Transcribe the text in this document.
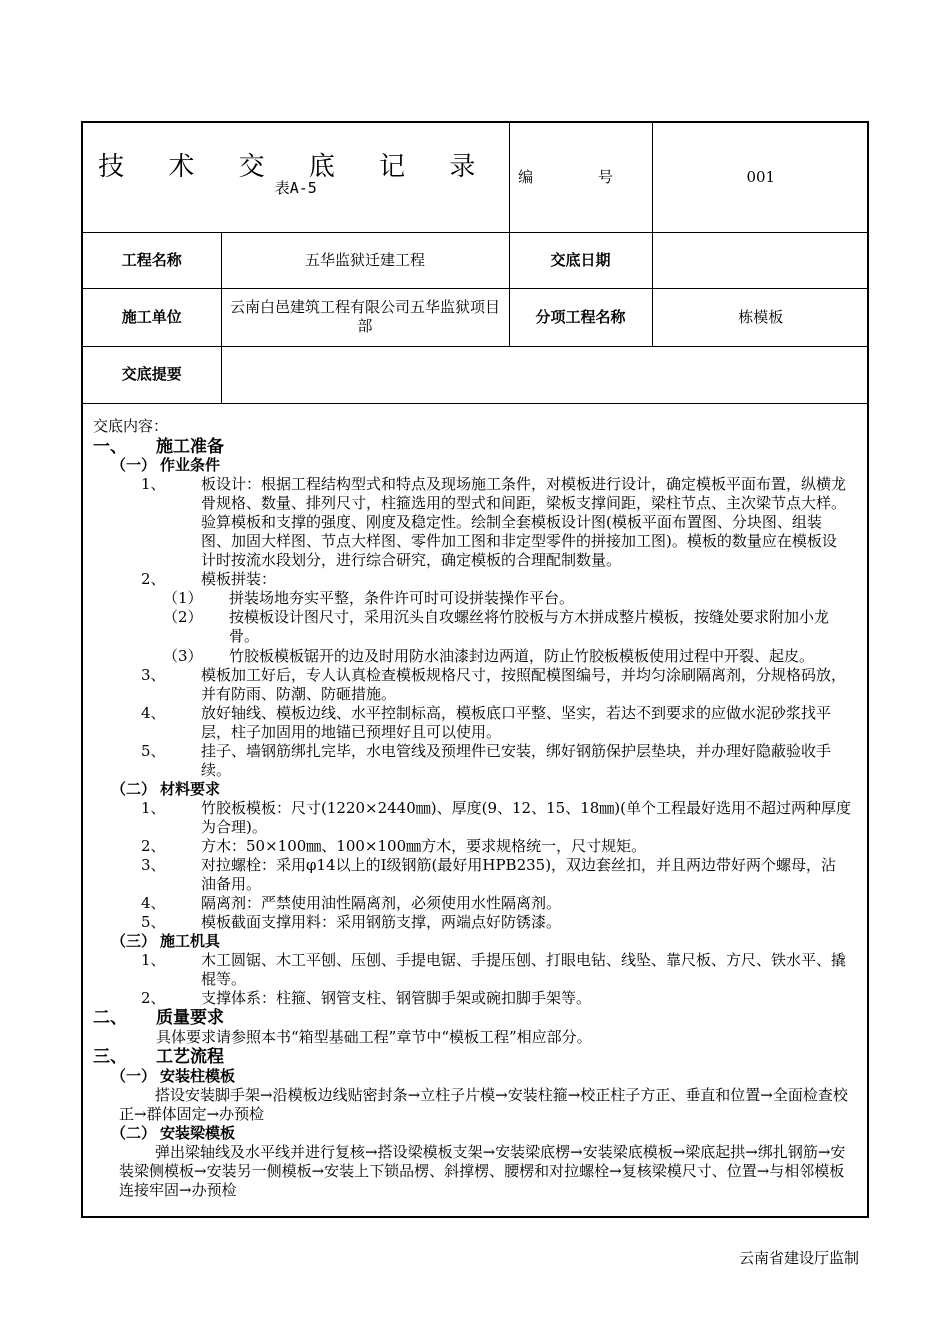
技 术 交 底 记 录
表A-5		编 号	001
工程名称	五华监狱迁建工程	交底日期	
施工单位	云南白邑建筑工程有限公司五华监狱项目部	分项工程名称	栋模板
交底提要			
交底内容：
一、 施工准备
（一） 作业条件
1、 板设计：根据工程结构型式和特点及现场施工条件，对模板进行设计，确定模板平面布置，纵横龙骨规格、数量、排列尺寸，柱箍选用的型式和间距，梁板支撑间距，梁柱节点、主次梁节点大样。验算模板和支撑的强度、刚度及稳定性。绘制全套模板设计图(模板平面布置图、分块图、组装图、加固大样图、节点大样图、零件加工图和非定型零件的拼接加工图)。模板的数量应在模板设计时按流水段划分，进行综合研究，确定模板的合理配制数量。
2、 模板拼装：
（1） 拼装场地夯实平整，条件许可时可设拼装操作平台。
（2） 按模板设计图尺寸，采用沉头自攻螺丝将竹胶板与方木拼成整片模板，按缝处要求附加小龙骨。
（3） 竹胶板模板锯开的边及时用防水油漆封边两道，防止竹胶板模板使用过程中开裂、起皮。
3、 模板加工好后，专人认真检查模板规格尺寸，按照配模图编号，并均匀涂刷隔离剂，分规格码放，并有防雨、防潮、防砸措施。
4、 放好轴线、模板边线、水平控制标高，模板底口平整、坚实，若达不到要求的应做水泥砂浆找平层，柱子加固用的地锚已预埋好且可以使用。
5、 挂子、墙钢筋绑扎完毕，水电管线及预埋件已安装，绑好钢筋保护层垫块，并办理好隐蔽验收手续。
（二） 材料要求
1、 竹胶板模板：尺寸(1220×2440㎜)、厚度(9、12、15、18㎜)(单个工程最好选用不超过两种厚度为合理)。
2、 方木：50×100㎜、100×100㎜方木，要求规格统一，尺寸规矩。
3、 对拉螺栓：采用φ14以上的Ⅰ级钢筋(最好用HPB235)，双边套丝扣，并且两边带好两个螺母，沾油备用。
4、 隔离剂：严禁使用油性隔离剂，必须使用水性隔离剂。
5、 模板截面支撑用料：采用钢筋支撑，两端点好防锈漆。
（三） 施工机具
1、 木工圆锯、木工平刨、压刨、手提电锯、手提压刨、打眼电钻、线坠、靠尺板、方尺、铁水平、撬棍等。
2、 支撑体系：柱箍、钢管支柱、钢管脚手架或碗扣脚手架等。
二、 质量要求
具体要求请参照本书“箱型基础工程”章节中“模板工程”相应部分。
三、 工艺流程
（一） 安装柱模板
搭设安装脚手架→沿模板边线贴密封条→立柱子片模→安装柱箍→校正柱子方正、垂直和位置→全面检查校正→群体固定→办预检
（二） 安装梁模板
弹出梁轴线及水平线并进行复核→搭设梁模板支架→安装梁底楞→安装梁底模板→梁底起拱→绑扎钢筋→安装梁侧模板→安装另一侧模板→安装上下锁品楞、斜撑楞、腰楞和对拉螺栓→复核梁模尺寸、位置→与相邻模板连接牢固→办预检
云南省建设厅监制
